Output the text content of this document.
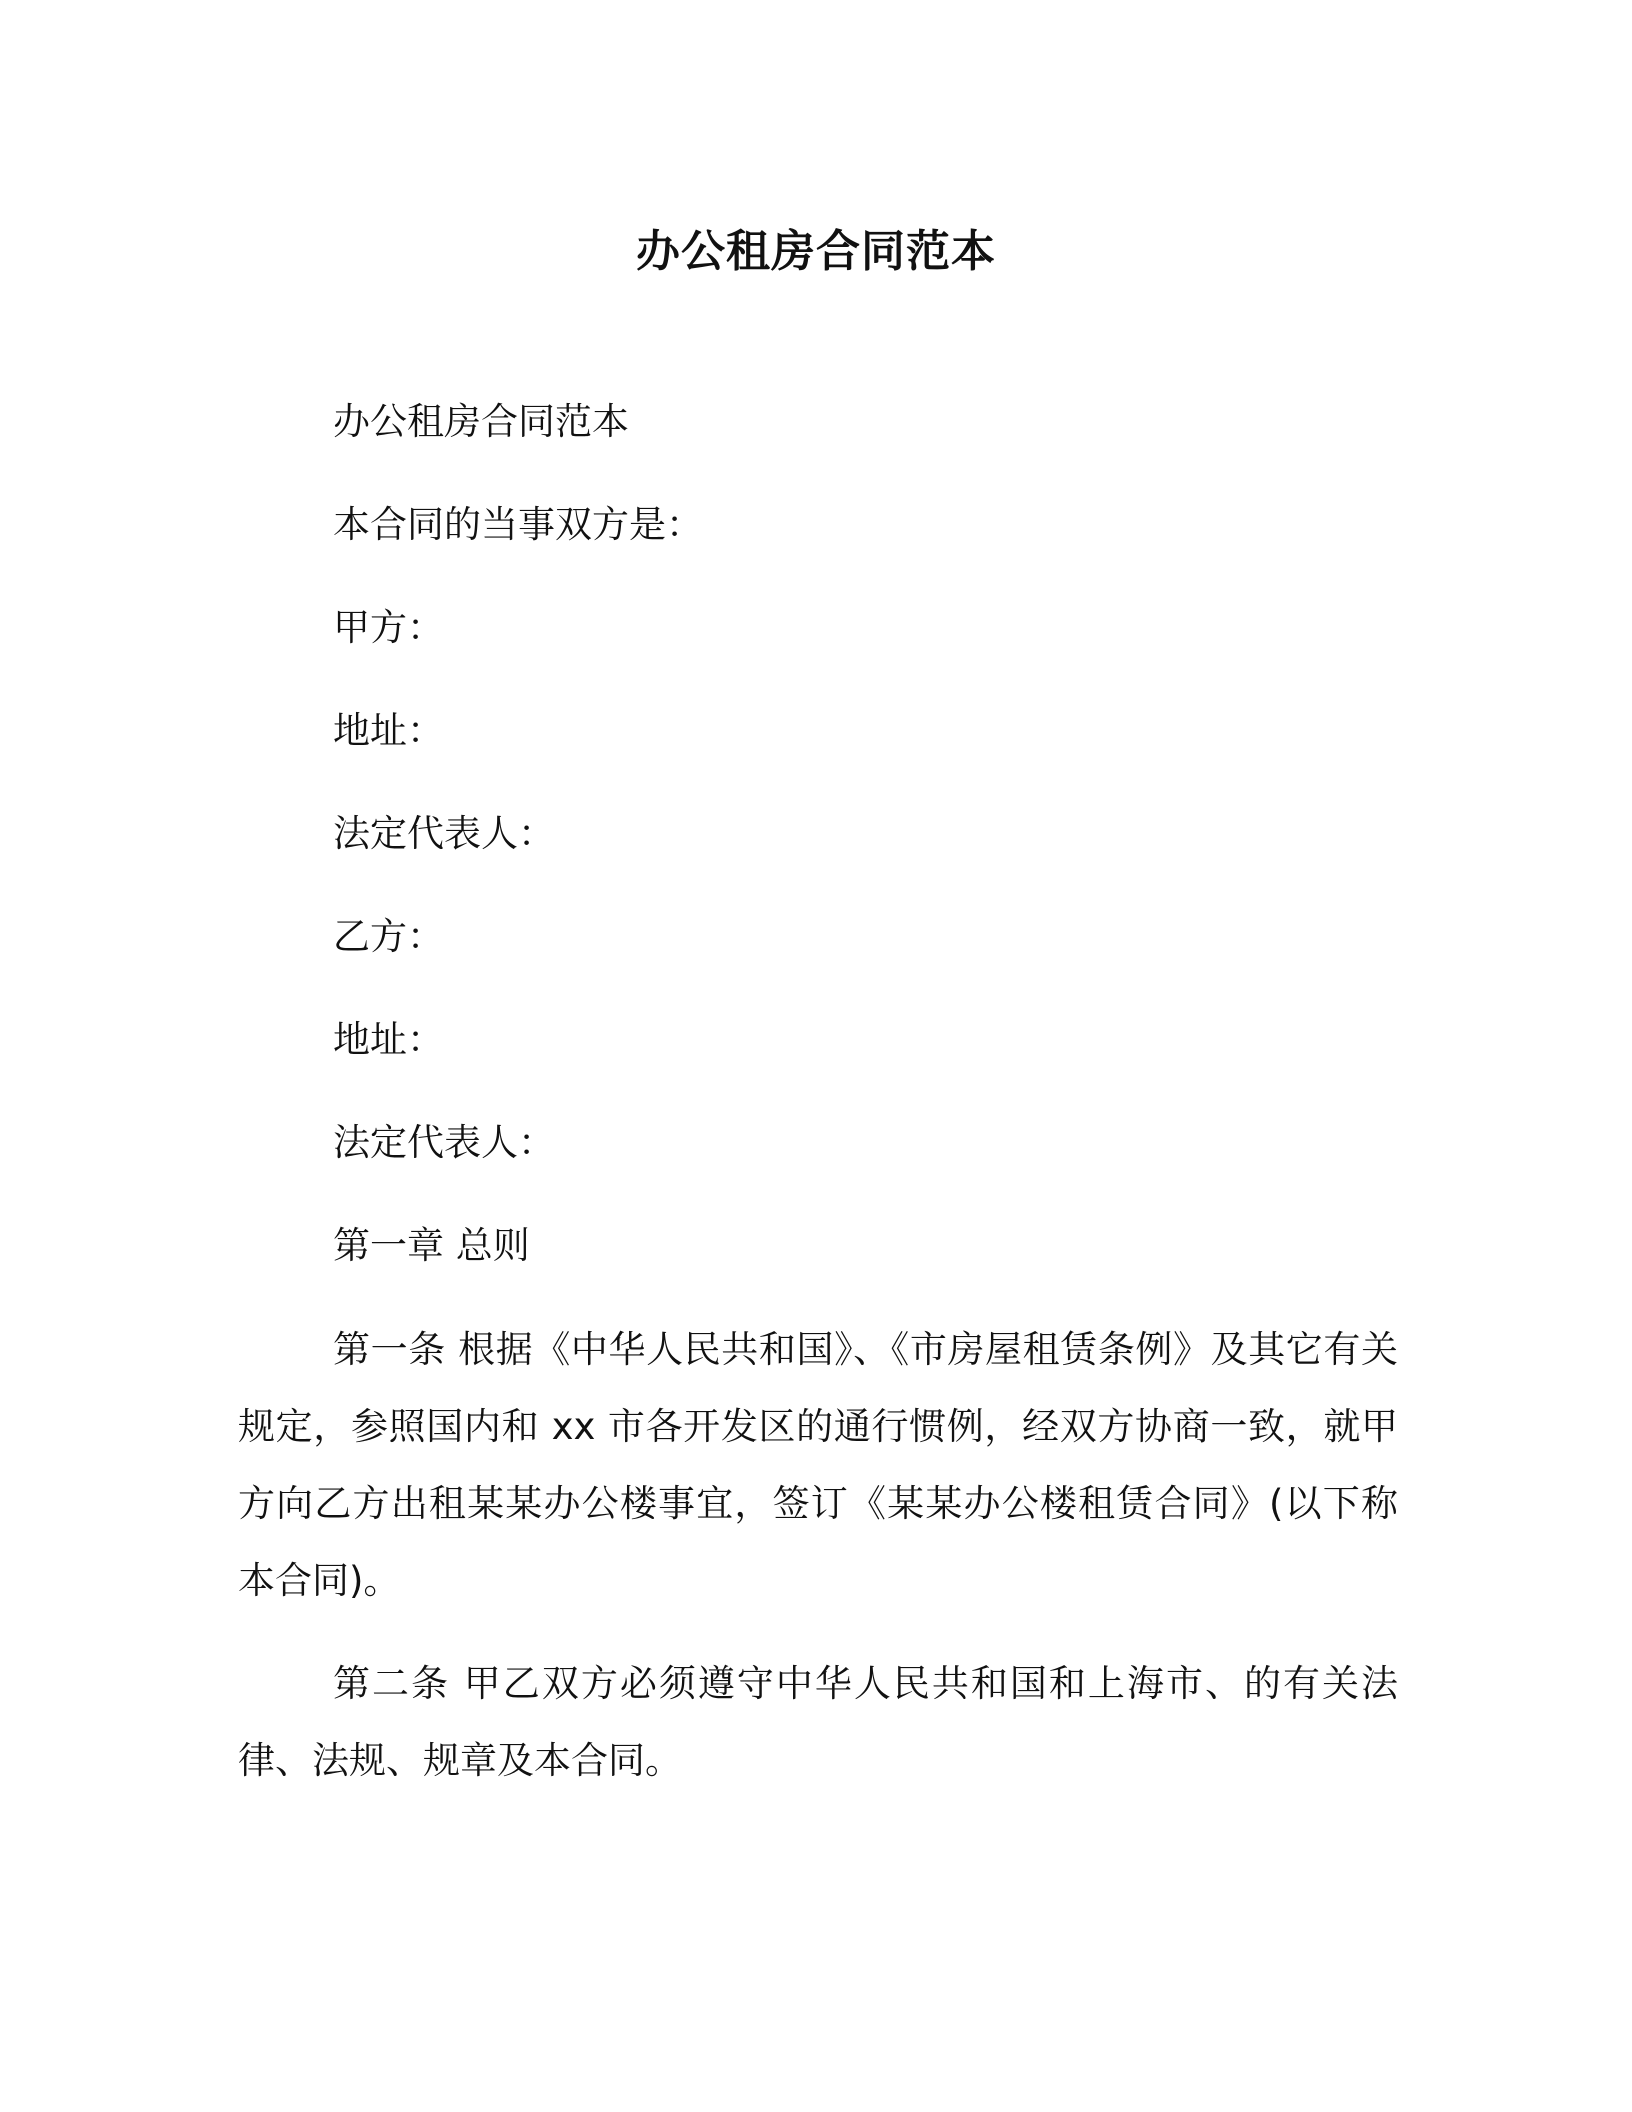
办公租房合同范本

办公租房合同范本

本合同的当事双方是：

甲方：

地址：

法定代表人：

乙方：

地址：

法定代表人：

第一章 总则

第一条 根据《中华人民共和国》、《市房屋租赁条例》及其它有关规定，参照国内和 xx 市各开发区的通行惯例，经双方协商一致，就甲方向乙方出租某某办公楼事宜，签订《某某办公楼租赁合同》(以下称本合同)。

第二条 甲乙双方必须遵守中华人民共和国和上海市、的有关法律、法规、规章及本合同。
